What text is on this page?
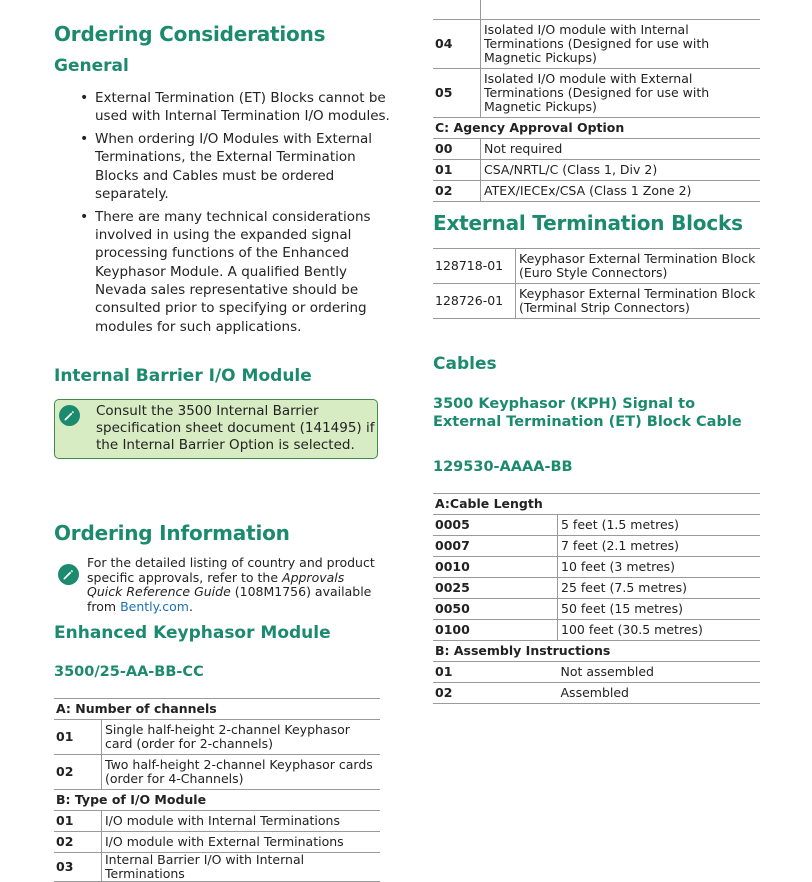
Ordering Considerations
General
• External Termination (ET) Blocks cannot be used with Internal Termination I/O modules.
• When ordering I/O Modules with External Terminations, the External Termination Blocks and Cables must be ordered separately.
• There are many technical considerations involved in using the expanded signal processing functions of the Enhanced Keyphasor Module. A qualified Bently Nevada sales representative should be consulted prior to specifying or ordering modules for such applications.
Internal Barrier I/O Module
Consult the 3500 Internal Barrier specification sheet document (141495) if the Internal Barrier Option is selected.
Ordering Information
For the detailed listing of country and product specific approvals, refer to the Approvals Quick Reference Guide (108M1756) available from Bently.com.
Enhanced Keyphasor Module
3500/25-AA-BB-CC
A: Number of channels	
01	Single half-height 2-channel Keyphasor card (order for 2-channels)
02	Two half-height 2-channel Keyphasor cards (order for 4-Channels)
B: Type of I/O Module	
01	I/O module with Internal Terminations
02	I/O module with External Terminations
03	Internal Barrier I/O with Internal Terminations

04	Isolated I/O module with Internal Terminations (Designed for use with Magnetic Pickups)
05	Isolated I/O module with External Terminations (Designed for use with Magnetic Pickups)
C: Agency Approval Option	
00	Not required
01	CSA/NRTL/C (Class 1, Div 2)
02	ATEX/IECEx/CSA (Class 1 Zone 2)
External Termination Blocks
128718-01	Keyphasor External Termination Block (Euro Style Connectors)
128726-01	Keyphasor External Termination Block (Terminal Strip Connectors)
Cables
3500 Keyphasor (KPH) Signal to External Termination (ET) Block Cable
129530-AAAA-BB
A:Cable Length	
0005	5 feet (1.5 metres)
0007	7 feet (2.1 metres)
0010	10 feet (3 metres)
0025	25 feet (7.5 metres)
0050	50 feet (15 metres)
0100	100 feet (30.5 metres)
B: Assembly Instructions	
01	Not assembled
02	Assembled
